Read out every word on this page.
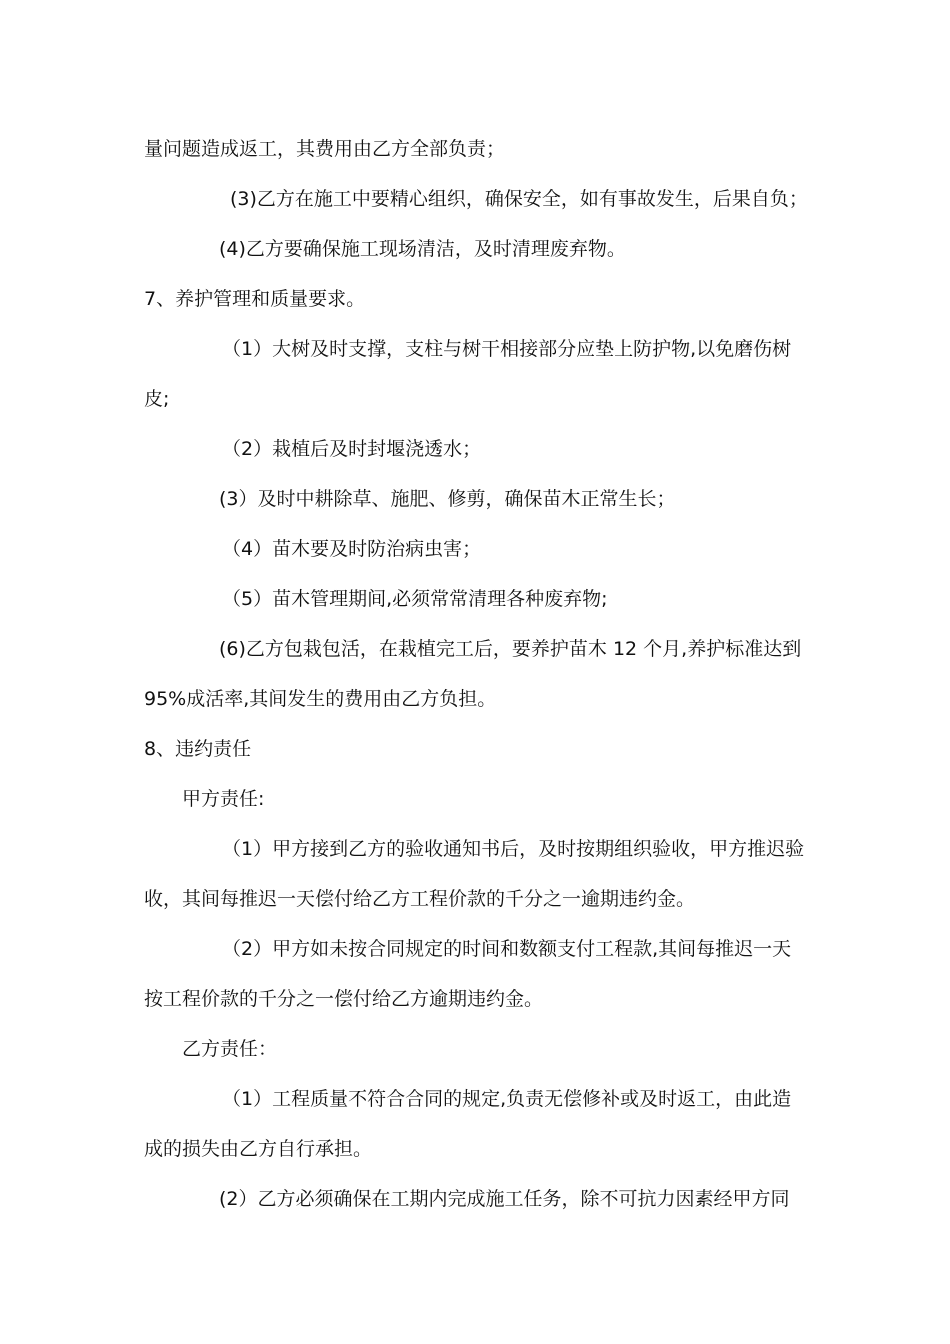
量问题造成返工，其费用由乙方全部负责；
(3)乙方在施工中要精心组织，确保安全，如有事故发生，后果自负；
(4)乙方要确保施工现场清洁，及时清理废弃物。
7、养护管理和质量要求。
（1）大树及时支撑，支柱与树干相接部分应垫上防护物,以免磨伤树
皮;
（2）栽植后及时封堰浇透水；
(3）及时中耕除草、施肥、修剪，确保苗木正常生长；
（4）苗木要及时防治病虫害；
（5）苗木管理期间,必须常常清理各种废弃物;
(6)乙方包栽包活，在栽植完工后，要养护苗木 12 个月,养护标准达到
95%成活率,其间发生的费用由乙方负担。
8、违约责任
甲方责任:
（1）甲方接到乙方的验收通知书后，及时按期组织验收，甲方推迟验
收，其间每推迟一天偿付给乙方工程价款的千分之一逾期违约金。
（2）甲方如未按合同规定的时间和数额支付工程款,其间每推迟一天
按工程价款的千分之一偿付给乙方逾期违约金。
乙方责任：
（1）工程质量不符合合同的规定,负责无偿修补或及时返工，由此造
成的损失由乙方自行承担。
(2）乙方必须确保在工期内完成施工任务，除不可抗力因素经甲方同
